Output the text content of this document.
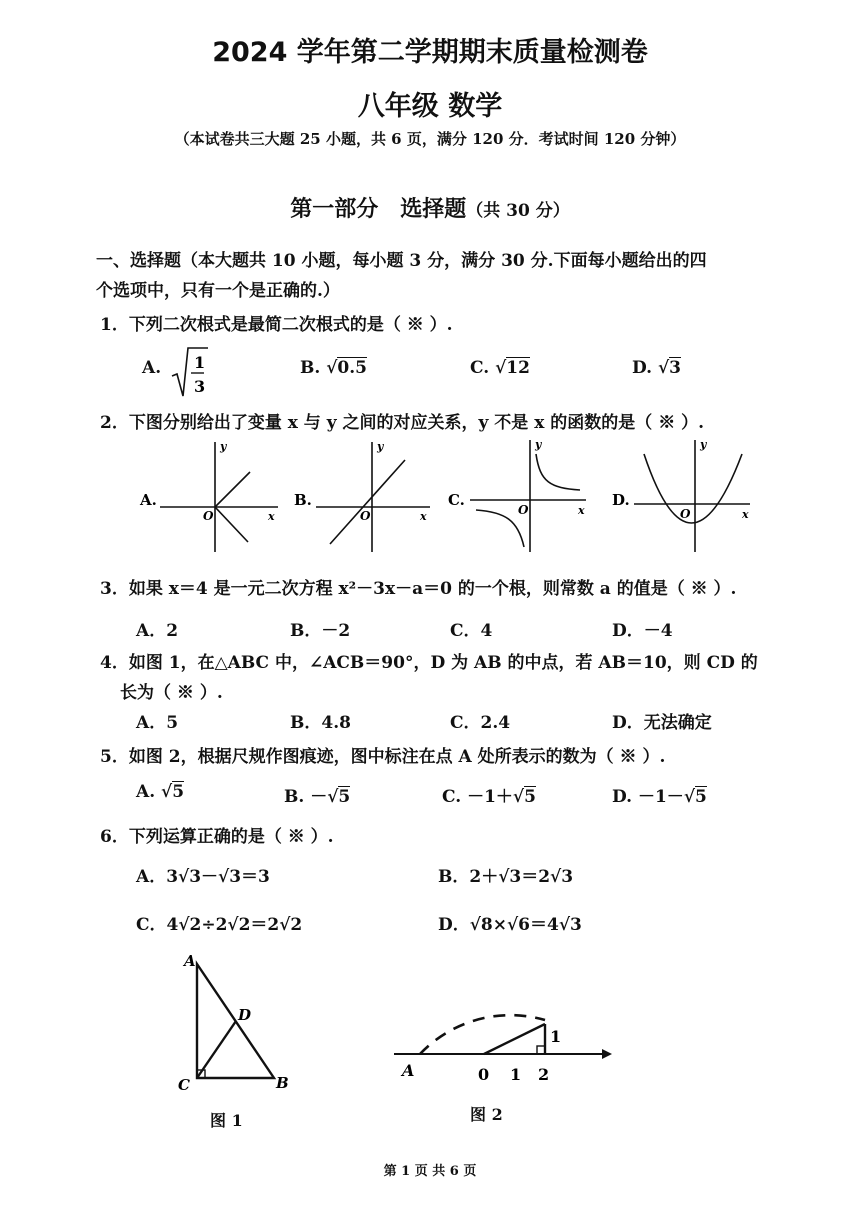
2024 学年第二学期期末质量检测卷
八年级 数学
（本试卷共三大题 25 小题，共 6 页，满分 120 分．考试时间 120 分钟）
第一部分　选择题（共 30 分）
一、选择题（本大题共 10 小题，每小题 3 分，满分 30 分.下面每小题给出的四
个选项中，只有一个是正确的.）
1．下列二次根式是最简二次根式的是（ ※ ）.
A. 1
3
B. √0.5	C. √12	D. √3
2．下图分别给出了变量 x 与 y 之间的对应关系，y 不是 x 的函数的是（ ※ ）.
A.
O	x
y
B.
O	x
y
C.
O	x
y
D.
O	x
y
3．如果 x＝4 是一元二次方程 x²－3x－a＝0 的一个根，则常数 a 的值是（ ※ ）.
A．2	B．－2	C．4	D．－4
4．如图 1，在△ABC 中，∠ACB＝90°，D 为 AB 的中点，若 AB＝10，则 CD 的
长为（ ※ ）.
A．5	B．4.8	C．2.4	D．无法确定
5．如图 2，根据尺规作图痕迹，图中标注在点 A 处所表示的数为（ ※ ）.
A. √5	B. －√5	C. －1＋√5	D. －1－√5
6．下列运算正确的是（ ※ ）.
A．3√3－√3＝3	B．2＋√3＝2√3
C．4√2÷2√2＝2√2	D．√8×√6＝4√3
A
B
C
D
图 1
A	0 1 2
1
图 2
第 1 页 共 6 页
